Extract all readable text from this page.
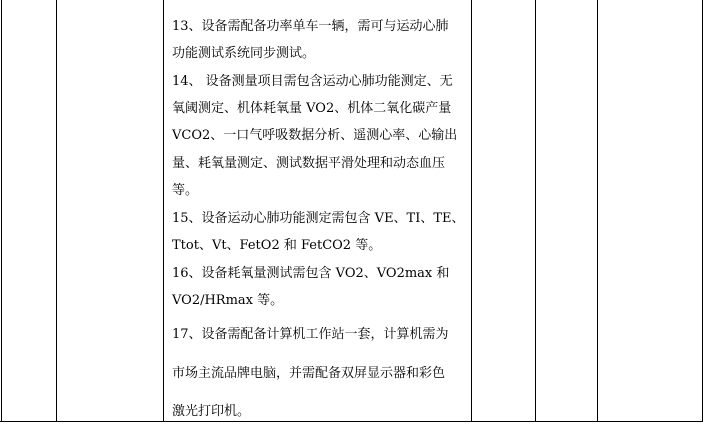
13、设备需配备功率单车一辆，需可与运动心肺

功能测试系统同步测试。

14、 设备测量项目需包含运动心肺功能测定、无

氧阈测定、机体耗氧量 VO2、机体二氧化碳产量

VCO2、一口气呼吸数据分析、遥测心率、心输出

量、耗氧量测定、测试数据平滑处理和动态血压

等。

15、设备运动心肺功能测定需包含 VE、TI、TE、

Ttot、Vt、FetO2 和 FetCO2 等。

16、设备耗氧量测试需包含 VO2、VO2max 和

VO2/HRmax 等。

17、设备需配备计算机工作站一套，计算机需为

市场主流品牌电脑，并需配备双屏显示器和彩色

激光打印机。
